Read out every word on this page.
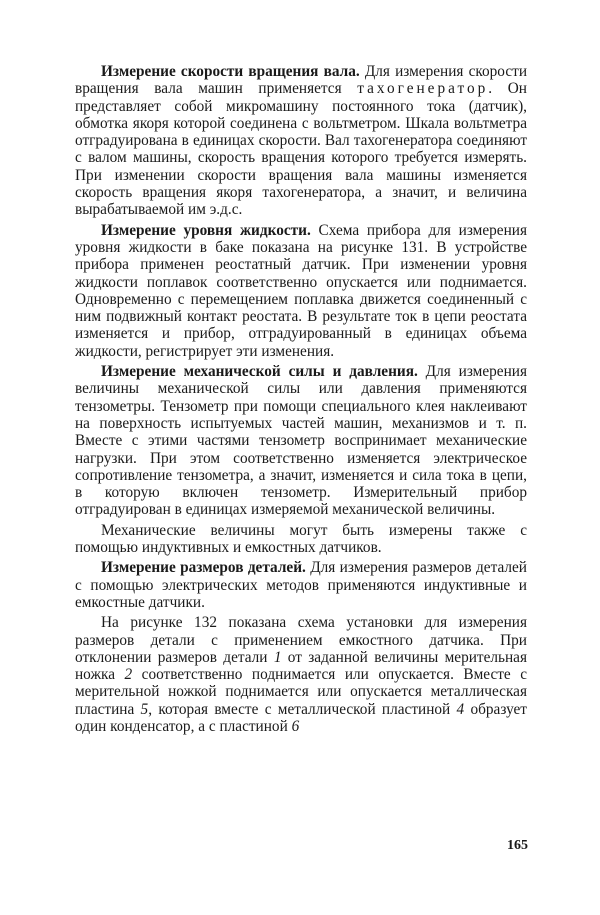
Измерение скорости вращения вала. Для измерения скорости вращения вала машин применяется тахогенератор. Он представляет собой микромашину постоянного тока (датчик), обмотка якоря которой соединена с вольтметром. Шкала вольтметра отградуирована в единицах скорости. Вал тахогенератора соединяют с валом машины, скорость вращения которого требуется измерять. При изменении скорости вращения вала машины изменяется скорость вращения якоря тахогенератора, а значит, и величина вырабатываемой им э.д.с.

Измерение уровня жидкости. Схема прибора для измерения уровня жидкости в баке показана на рисунке 131. В устройстве прибора применен реостатный датчик. При изменении уровня жидкости поплавок соответственно опускается или поднимается. Одновременно с перемещением поплавка движется соединенный с ним подвижный контакт реостата. В результате ток в цепи реостата изменяется и прибор, отградуированный в единицах объема жидкости, регистрирует эти изменения.

Измерение механической силы и давления. Для измерения величины механической силы или давления применяются тензометры. Тензометр при помощи специального клея наклеивают на поверхность испытуемых частей машин, механизмов и т. п. Вместе с этими частями тензометр воспринимает механические нагрузки. При этом соответственно изменяется электрическое сопротивление тензометра, а значит, изменяется и сила тока в цепи, в которую включен тензометр. Измерительный прибор отградуирован в единицах измеряемой механической величины.

Механические величины могут быть измерены также с помощью индуктивных и емкостных датчиков.

Измерение размеров деталей. Для измерения размеров деталей с помощью электрических методов применяются индуктивные и емкостные датчики.

На рисунке 132 показана схема установки для измерения размеров детали с применением емкостного датчика. При отклонении размеров детали 1 от заданной величины мерительная ножка 2 соответственно поднимается или опускается. Вместе с мерительной ножкой поднимается или опускается металлическая пластина 5, которая вместе с металлической пластиной 4 образует один конденсатор, а с пластиной 6

165
